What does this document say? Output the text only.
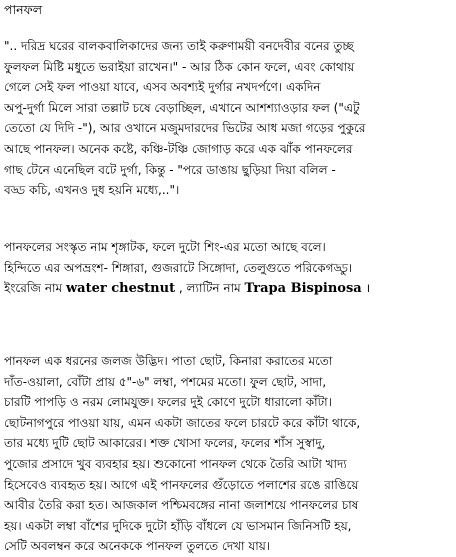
পানফল
".. দরিদ্র ঘরের বালকবালিকাদের জন্য তাই করুণাময়ী বনদেবীর বনের তুচ্ছ
ফুলফল মিষ্টি মধুতে ভরাইয়া রাখেন।" - আর ঠিক কোন ফলে, এবং কোথায়
গেলে সেই ফল পাওয়া যাবে, এসব অবশ্যই দুর্গার নখদর্পণে। একদিন
অপু-দুর্গা মিলে সারা তল্লাট চষে বেড়াচ্ছিল, এখানে আশশ্যাওড়ার ফল ("এটু
তেতো যে দিদি -"), আর ওখানে মজুমদারদের ভিটের আধ মজা গড়ের পুকুরে
আছে পানফল। অনেক কষ্টে, কঞ্চি-টঞ্চি জোগাড় করে এক ঝাঁক পানফলের
গাছ টেনে এনেছিল বটে দুর্গা, কিন্তু - "পরে ডাঙায় ছুড়িয়া দিয়া বলিল -
বড্ড কচি, এখনও দুধ হয়নি মধ্যে,.."।
পানফলের সংস্কৃত নাম শৃঙ্গাটক, ফলে দুটো শিং-এর মতো আছে বলে।
হিন্দিতে এর অপভ্রংশ- শিঙ্গারা, গুজরাটে সিঙ্গোদা, তেলুগুতে পরিকেগড্ডু।
ইংরেজি নাম water chestnut , ল্যাটিন নাম Trapa Bispinosa ।
পানফল এক ধরনের জলজ উদ্ভিদ। পাতা ছোট, কিনারা করাতের মতো
দাঁত-ওয়ালা, বোঁটা প্রায় ৫"-৬" লম্বা, পশমের মতো। ফুল ছোট, সাদা,
চারটি পাপড়ি ও নরম লোমযুক্ত। ফলের দুই কোণে দুটো ধারালো কাঁটা।
ছোটনাগপুরে পাওয়া যায়, এমন একটা জাতের ফলে চারটে করে কাঁটা থাকে,
তার মধ্যে দুটি ছোট আকারের। শক্ত খোসা ফলের, ফলের শাঁস সুস্বাদু,
পুজোর প্রসাদে খুব ব্যবহার হয়। শুকোনো পানফল থেকে তৈরি আটা খাদ্য
হিসেবেও ব্যবহৃত হয়। আগে এই পানফলের গুঁড়োতে পলাশের রঙে রাঙিয়ে
আবীর তৈরি করা হত। আজকাল পশ্চিমবঙ্গের নানা জলাশয়ে পানফলের চাষ
হয়। একটা লম্বা বাঁশের দুদিকে দুটো হাঁড়ি বাঁধলে যে ভাসমান জিনিসটি হয়,
সেটি অবলম্বন করে অনেককে পানফল তুলতে দেখা যায়।
